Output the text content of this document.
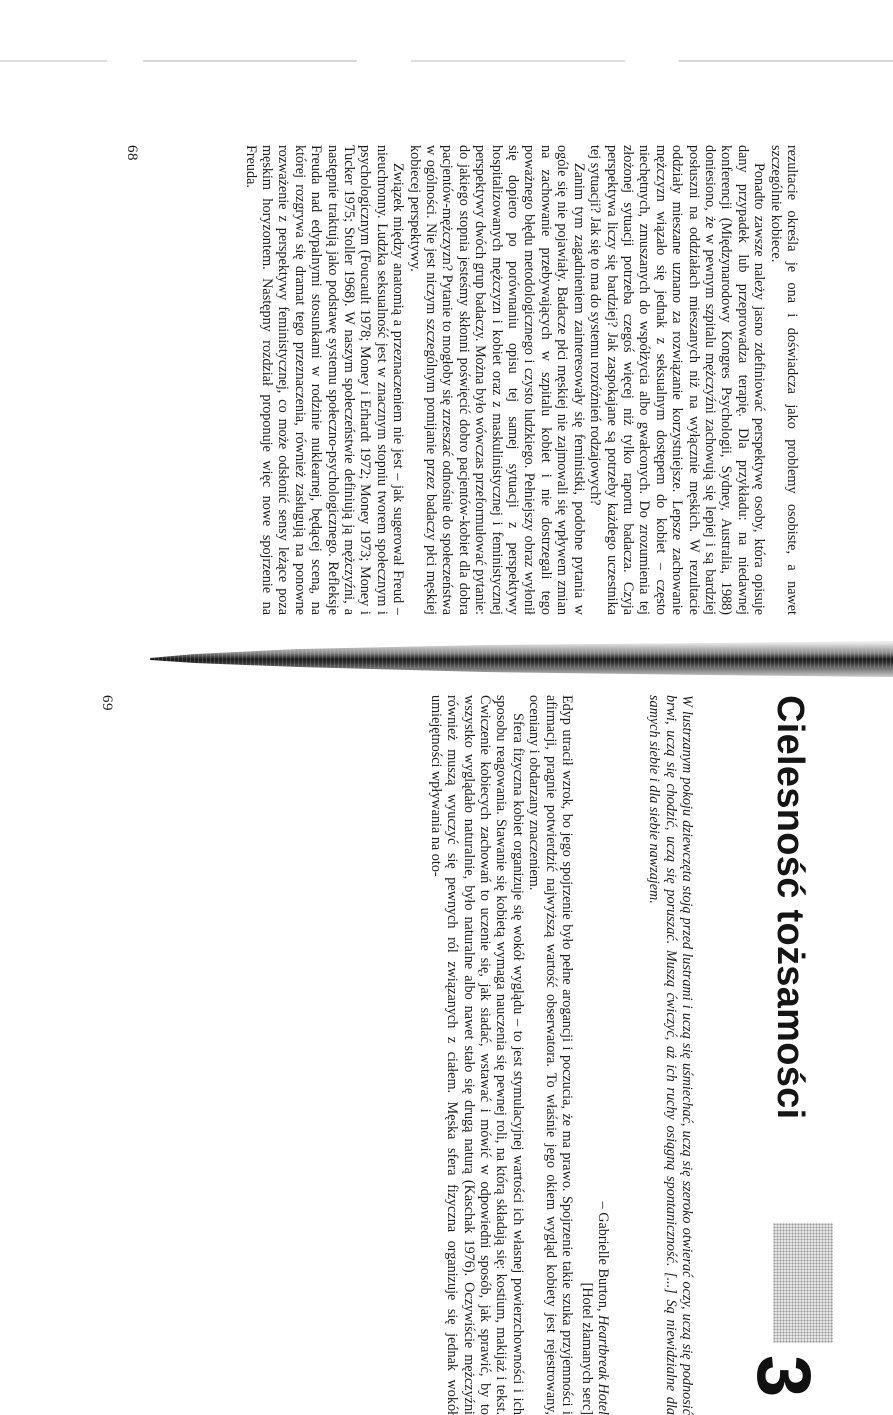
rezultacie określa je ona i doświadcza jako problemy osobiste, a nawet szczególnie kobiece.

Ponadto zawsze należy jasno zdefiniować perspektywę osoby, która opisuje dany przypadek lub przeprowadza terapię. Dla przykładu: na niedawnej konferencji (Międzynarodowy Kongres Psychologii, Sydney, Australia, 1988) doniesiono, że w pewnym szpitalu mężczyźni zachowują się lepiej i są bardziej posłuszni na oddziałach mieszanych niż na wyłącznie męskich. W rezultacie oddziały mieszane uznano za rozwiązanie korzystniejsze. Lepsze zachowanie mężczyzn wiązało się jednak z seksualnym dostępem do kobiet – często niechętnych, zmuszanych do współżycia albo gwałconych. Do zrozumienia tej złożonej sytuacji potrzeba czegoś więcej niż tylko raportu badacza. Czyja perspektywa liczy się bardziej? Jak zaspokajane są potrzeby każdego uczestnika tej sytuacji? Jak się to ma do systemu rozróżnień rodzajowych?

Zanim tym zagadnieniem zainteresowały się feministki, podobne pytania w ogóle się nie pojawiały. Badacze płci męskiej nie zajmowali się wpływem zmian na zachowanie przebywających w szpitalu kobiet i nie dostrzegali tego poważnego błędu metodologicznego i czysto ludzkiego. Pełniejszy obraz wyłonił się dopiero po porównaniu opisu tej samej sytuacji z perspektywy hospitalizowanych mężczyzn i kobiet oraz z maskulinistycznej i feministycznej perspektywy dwóch grup badaczy. Można było wówczas przeformułować pytanie: do jakiego stopnia jesteśmy skłonni poświęcić dobro pacjentów-kobiet dla dobra pacjentów-mężczyzn? Pytanie to mogłoby się zrzeszać odnośnie do społeczeństwa w ogólności. Nie jest niczym szczególnym pomijanie przez badaczy płci męskiej kobiecej perspektywy.

Związek między anatomią a przeznaczeniem nie jest – jak sugerował Freud – nieuchronny. Ludzka seksualność jest w znacznym stopniu tworem społecznym i psychologicznym (Foucault 1978; Money i Erhardt 1972; Money 1973; Money i Tucker 1975; Stoller 1968). W naszym społeczeństwie definiują ją mężczyźni, a następnie traktują jako podstawę systemu społeczno-psychologicznego. Refleksje Freuda nad edypalnymi stosunkami w rodzinie nuklearnej, będącej sceną, na której rozgrywa się dramat tego przeznaczenia, również zasługują na ponowne rozważenie z perspektywy feministycznej, co może odsłonić sensy leżące poza męskim horyzontem. Następny rozdział proponuje więc nowe spojrzenie na Freuda.

68
Cielesność tożsamości
3
W lustrzanym pokoju dziewczęta stoją przed lustrami i uczą się uśmiechać, uczą się szeroko otwierać oczy, uczą się podnosić brwi, uczą się chodzić, uczą się poruszać. Muszą ćwiczyć, aż ich ruchy osiągną spontaniczność. [...] Są niewidzialne dla samych siebie i dla siebie nawzajem.
– Gabrielle Burton, Heartbreak Hotel
[Hotel złamanych serc]

Edyp utracił wzrok, bo jego spojrzenie było pełne arogancji i poczucia, że ma prawo. Spojrzenie takie szuka przyjemności i afirmacji, pragnie potwierdzić najwyższą wartość obserwatora. To właśnie jego okiem wygląd kobiety jest rejestrowany, oceniany i obdarzany znaczeniem.

Sfera fizyczna kobiet organizuje się wokół wyglądu – to jest stymulacyjnej wartości ich własnej powierzchowności i ich sposobu reagowania. Stawanie się kobietą wymaga nauczenia się pewnej roli, na którą składają się: kostium, makijaż i tekst. Ćwiczenie kobiecych zachowań to uczenie się, jak siadać, wstawać i mówić w odpowiedni sposób, jak sprawić, by to wszystko wyglądało naturalnie, było naturalne albo nawet stało się drugą naturą (Kaschak 1976). Oczywiście mężczyźni również muszą wyuczyć się pewnych ról związanych z ciałem. Męska sfera fizyczna organizuje się jednak wokół umiejętności wpływania na oto-

69
